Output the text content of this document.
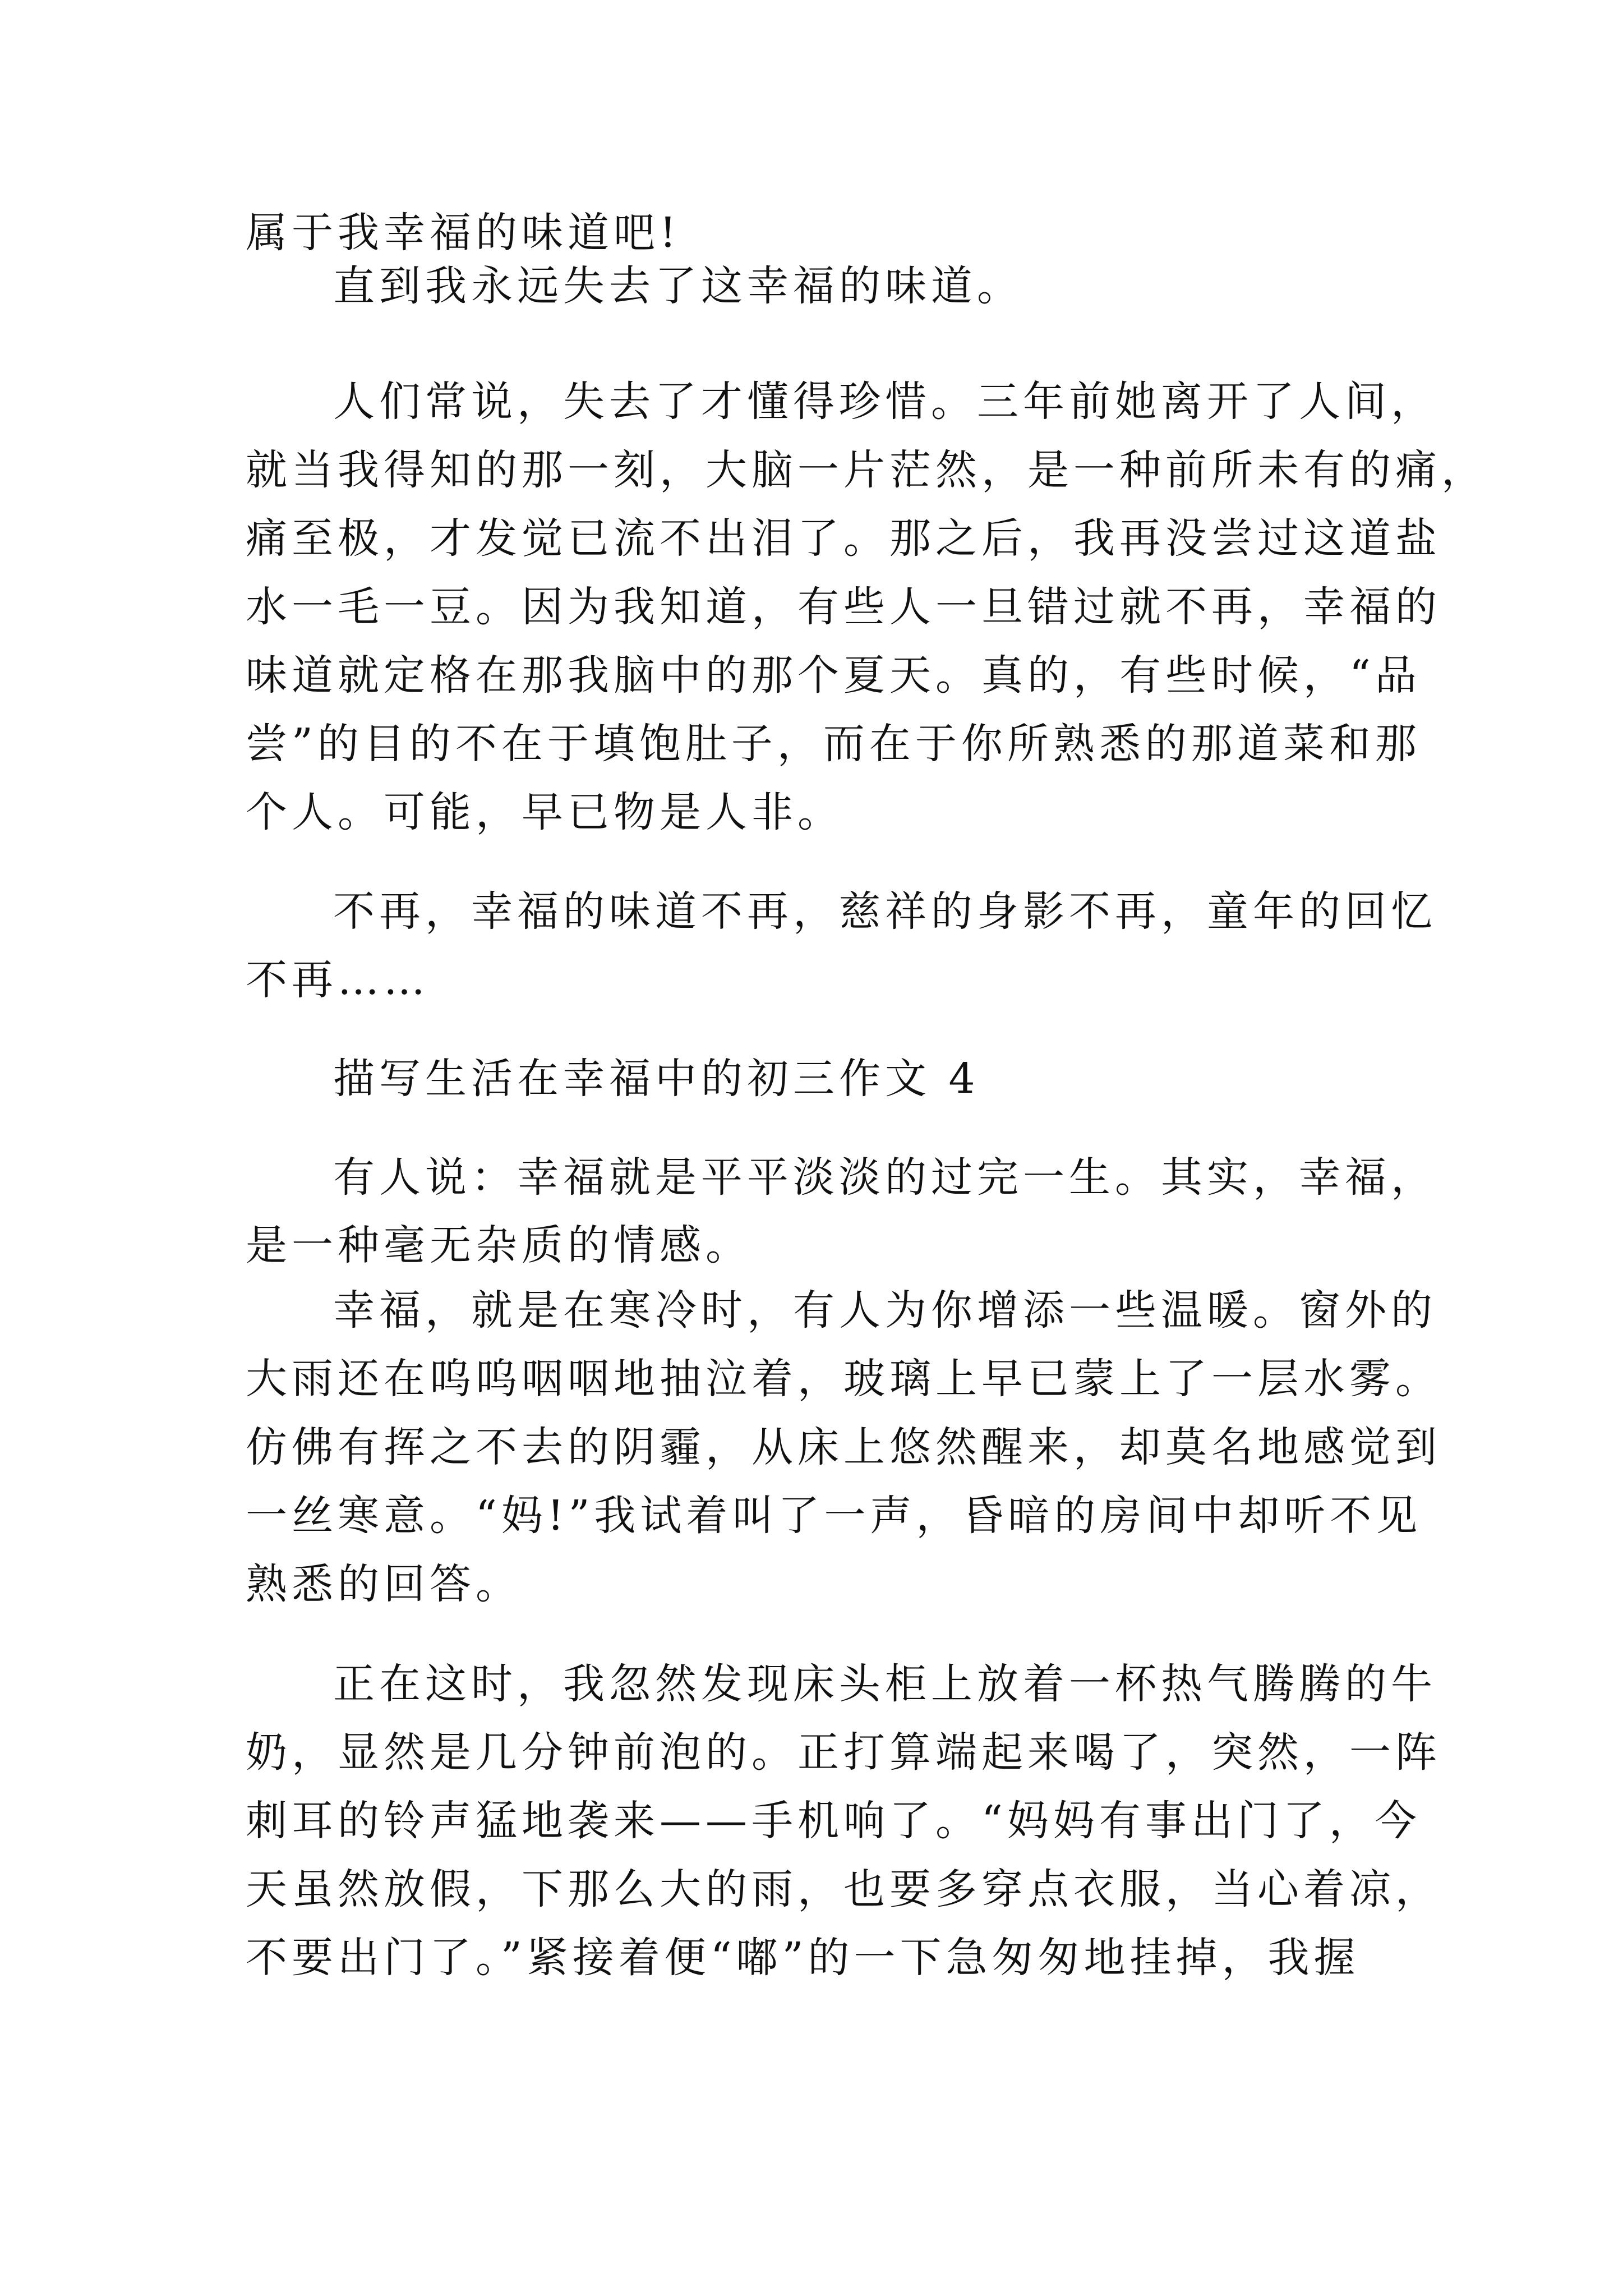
属于我幸福的味道吧!
直到我永远失去了这幸福的味道。
人们常说，失去了才懂得珍惜。三年前她离开了人间，
就当我得知的那一刻，大脑一片茫然，是一种前所未有的痛，
痛至极，才发觉已流不出泪了。那之后，我再没尝过这道盐
水一毛一豆。因为我知道，有些人一旦错过就不再，幸福的
味道就定格在那我脑中的那个夏天。真的，有些时候，“品
尝”的目的不在于填饱肚子，而在于你所熟悉的那道菜和那
个人。可能，早已物是人非。
不再，幸福的味道不再，慈祥的身影不再，童年的回忆
不再……
描写生活在幸福中的初三作文 4
有人说：幸福就是平平淡淡的过完一生。其实，幸福，
是一种毫无杂质的情感。
幸福，就是在寒冷时，有人为你增添一些温暖。窗外的
大雨还在呜呜咽咽地抽泣着，玻璃上早已蒙上了一层水雾。
仿佛有挥之不去的阴霾，从床上悠然醒来，却莫名地感觉到
一丝寒意。“妈!”我试着叫了一声，昏暗的房间中却听不见
熟悉的回答。
正在这时，我忽然发现床头柜上放着一杯热气腾腾的牛
奶，显然是几分钟前泡的。正打算端起来喝了，突然，一阵
刺耳的铃声猛地袭来——手机响了。“妈妈有事出门了，今
天虽然放假，下那么大的雨，也要多穿点衣服，当心着凉，
不要出门了。”紧接着便“嘟”的一下急匆匆地挂掉，我握
